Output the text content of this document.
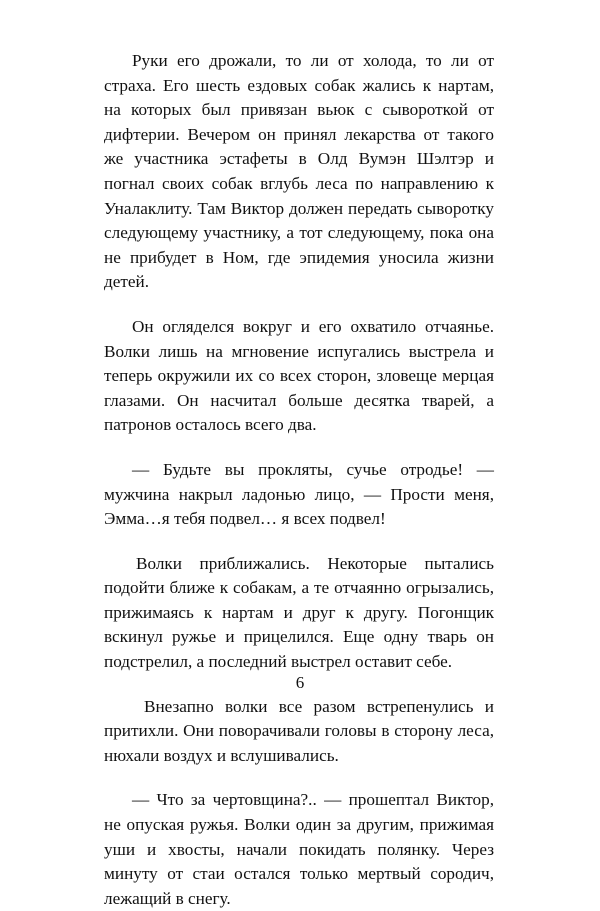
Руки его дрожали, то ли от холода, то ли от страха. Его шесть ездовых собак жались к нартам, на которых был привязан вьюк с сывороткой от дифтерии. Вечером он принял лекарства от такого же участника эстафеты в Олд Вумэн Шэлтэр и погнал своих собак вглубь леса по направлению к Уналаклиту. Там Виктор должен передать сыворотку следующему участнику, а тот следующему, пока она не прибудет в Ном, где эпидемия уносила жизни детей.

Он огляделся вокруг и его охватило отчаянье. Волки лишь на мгновение испугались выстрела и теперь окружили их со всех сторон, зловеще мерцая глазами. Он насчитал больше десятка тварей, а патронов осталось всего два.

— Будьте вы прокляты, сучье отродье! — мужчина накрыл ладонью лицо, — Прости меня, Эмма…я тебя подвел… я всех подвел!

Волки приближались. Некоторые пытались подойти ближе к собакам, а те отчаянно огрызались, прижимаясь к нартам и друг к другу. Погонщик вскинул ружье и прицелился. Еще одну тварь он подстрелил, а последний выстрел оставит себе.

Внезапно волки все разом встрепенулись и притихли. Они поворачивали головы в сторону леса, нюхали воздух и вслушивались.

— Что за чертовщина?.. — прошептал Виктор, не опуская ружья. Волки один за другим, прижимая уши и хвосты, начали покидать полянку. Через минуту от стаи остался только мертвый сородич, лежащий в снегу.

6
